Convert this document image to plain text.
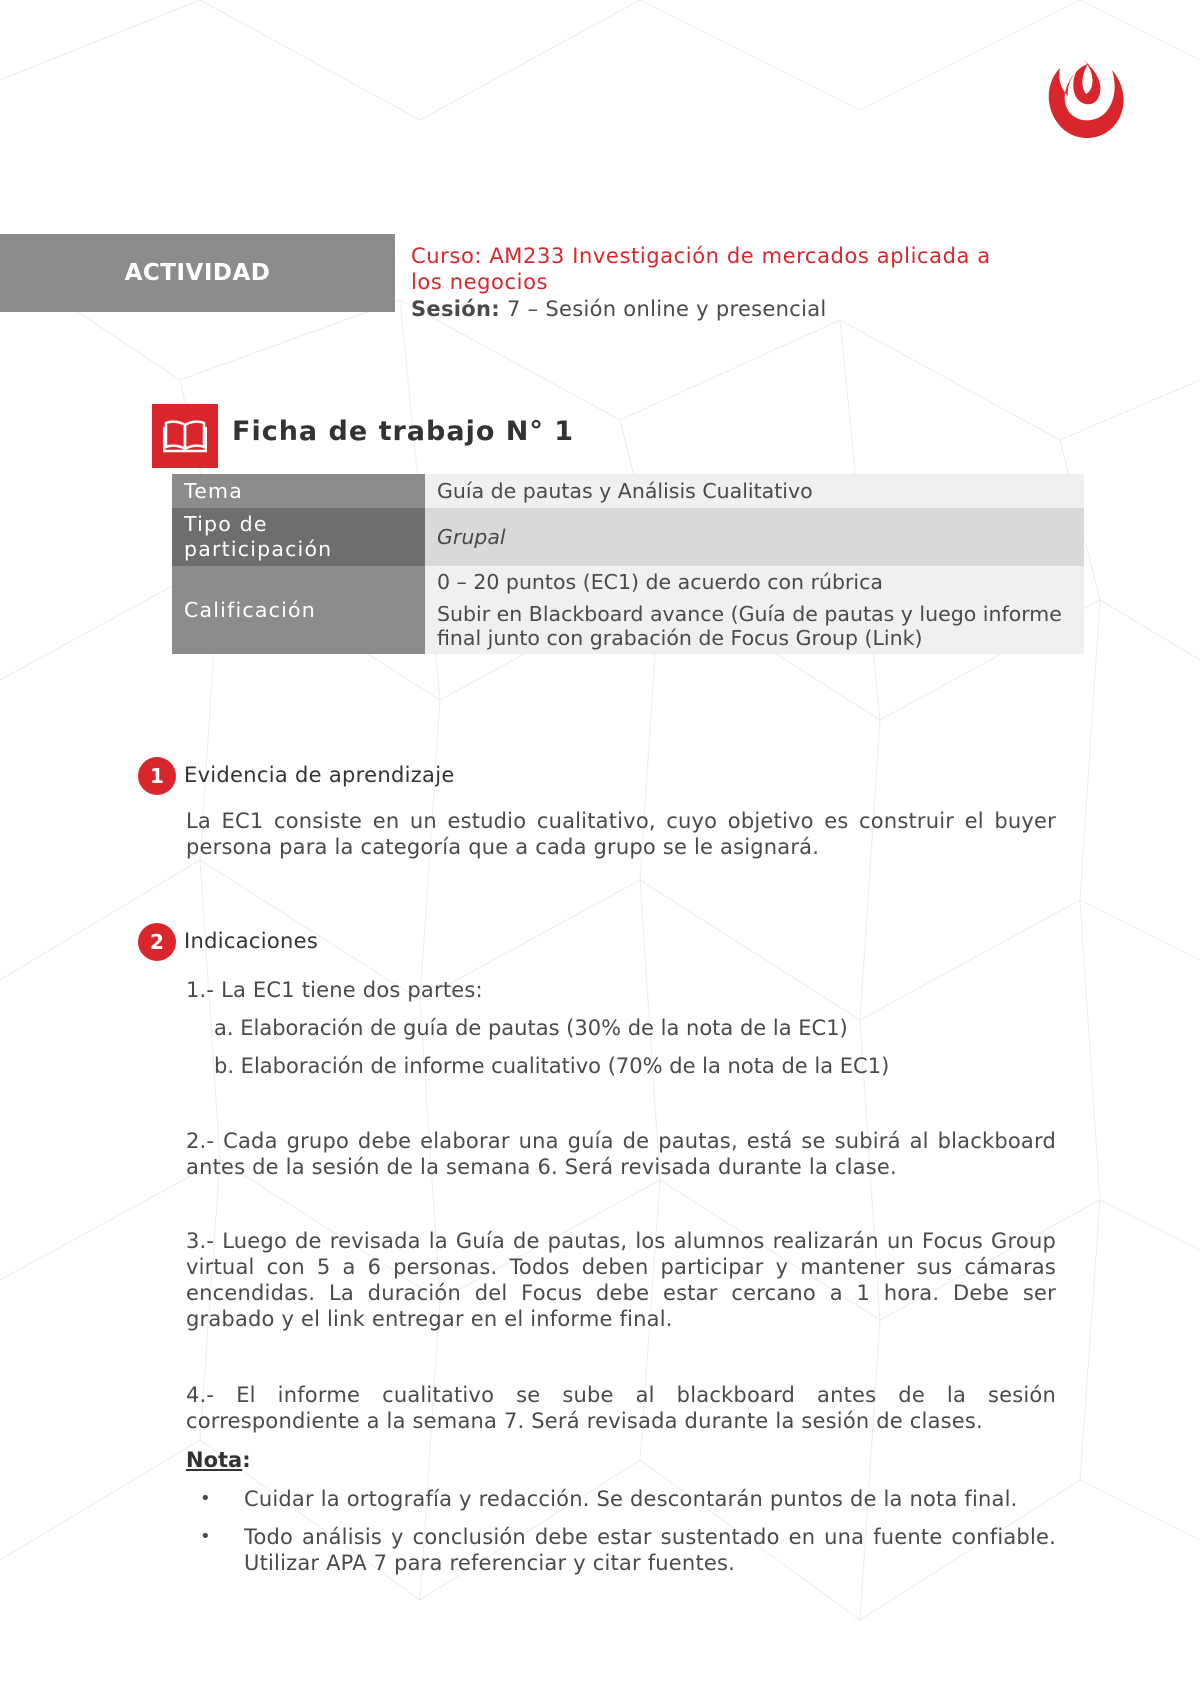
ACTIVIDAD
Curso: AM233 Investigación de mercados aplicada a los negocios
Sesión: 7 – Sesión online y presencial
Ficha de trabajo N° 1
Tema	Guía de pautas y Análisis Cualitativo
Tipo de participación	Grupal
Calificación	0 – 20 puntos (EC1) de acuerdo con rúbrica
Subir en Blackboard avance (Guía de pautas y luego informe final junto con grabación de Focus Group (Link)
1 Evidencia de aprendizaje
La EC1 consiste en un estudio cualitativo, cuyo objetivo es construir el buyer persona para la categoría que a cada grupo se le asignará.
2 Indicaciones
1.- La EC1 tiene dos partes:
a. Elaboración de guía de pautas (30% de la nota de la EC1)
b. Elaboración de informe cualitativo (70% de la nota de la EC1)
2.- Cada grupo debe elaborar una guía de pautas, está se subirá al blackboard antes de la sesión de la semana 6. Será revisada durante la clase.
3.- Luego de revisada la Guía de pautas, los alumnos realizarán un Focus Group virtual con 5 a 6 personas. Todos deben participar y mantener sus cámaras encendidas. La duración del Focus debe estar cercano a 1 hora. Debe ser grabado y el link entregar en el informe final.
4.- El informe cualitativo se sube al blackboard antes de la sesión correspondiente a la semana 7. Será revisada durante la sesión de clases.
Nota:
•	Cuidar la ortografía y redacción. Se descontarán puntos de la nota final.
•	Todo análisis y conclusión debe estar sustentado en una fuente confiable. Utilizar APA 7 para referenciar y citar fuentes.
